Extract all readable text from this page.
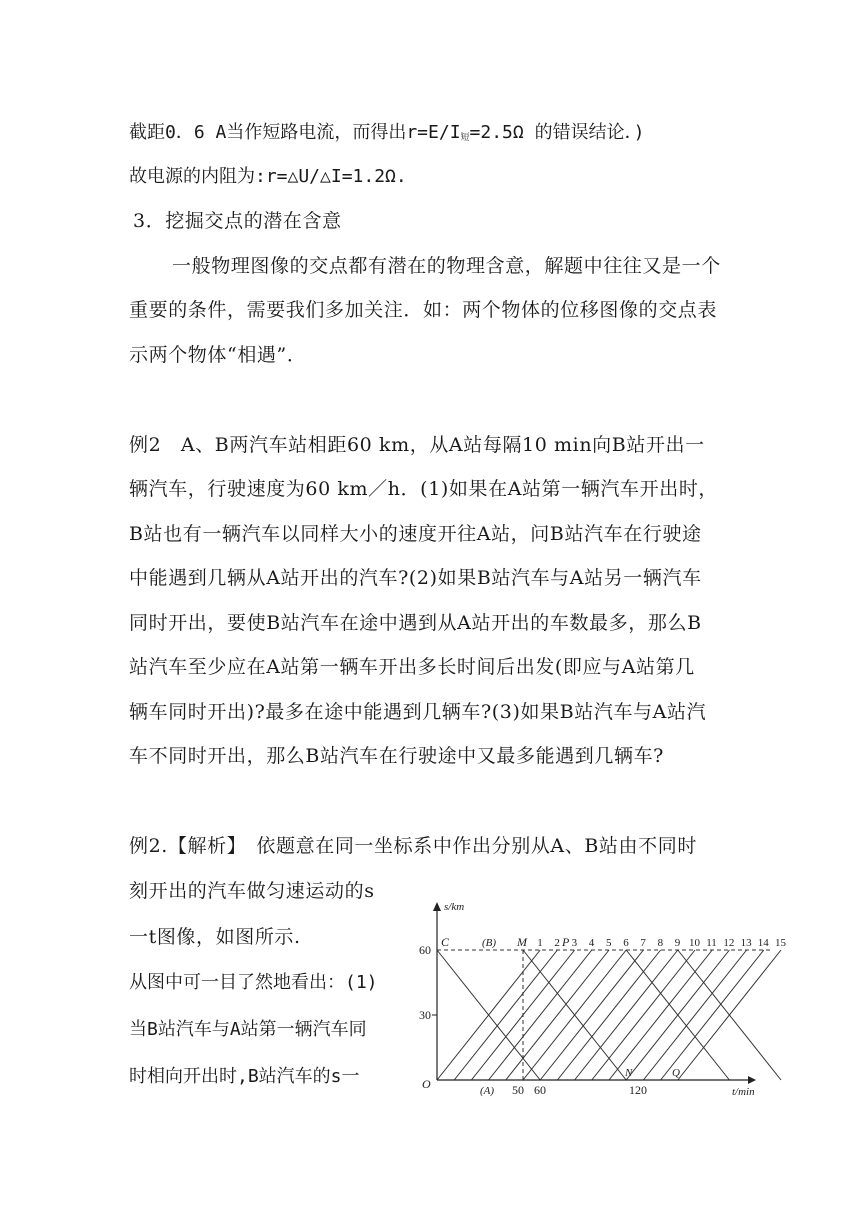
截距0．6 A当作短路电流，而得出$r=E/I_短=2.5\Omega$ 的错误结论．)
故电源的内阻为:r=△U/△I=1.2Ω.
3．挖掘交点的潜在含意
一般物理图像的交点都有潜在的物理含意，解题中往往又是一个
重要的条件，需要我们多加关注．如：两个物体的位移图像的交点表
示两个物体“相遇”．
例2　A、B两汽车站相距60 km，从A站每隔10 min向B站开出一
辆汽车，行驶速度为60 km／h．(1)如果在A站第一辆汽车开出时，
B站也有一辆汽车以同样大小的速度开往A站，问B站汽车在行驶途
中能遇到几辆从A站开出的汽车?(2)如果B站汽车与A站另一辆汽车
同时开出，要使B站汽车在途中遇到从A站开出的车数最多，那么B
站汽车至少应在A站第一辆车开出多长时间后出发(即应与A站第几
辆车同时开出)?最多在途中能遇到几辆车?(3)如果B站汽车与A站汽
车不同时开出，那么B站汽车在行驶途中又最多能遇到几辆车?
例2.【解析】　依题意在同一坐标系中作出分别从A、B站由不同时
刻开出的汽车做匀速运动的s
一t图像，如图所示.
从图中可一目了然地看出：(1)
当B站汽车与A站第一辆汽车同
时相向开出时,B站汽车的s一
s/km
t/min
O
60
30
50 60	120
C	(B) M	P
(A)
N	Q
1 2 3 4 5 6 7 8 9 10 11 12 13 14 15
